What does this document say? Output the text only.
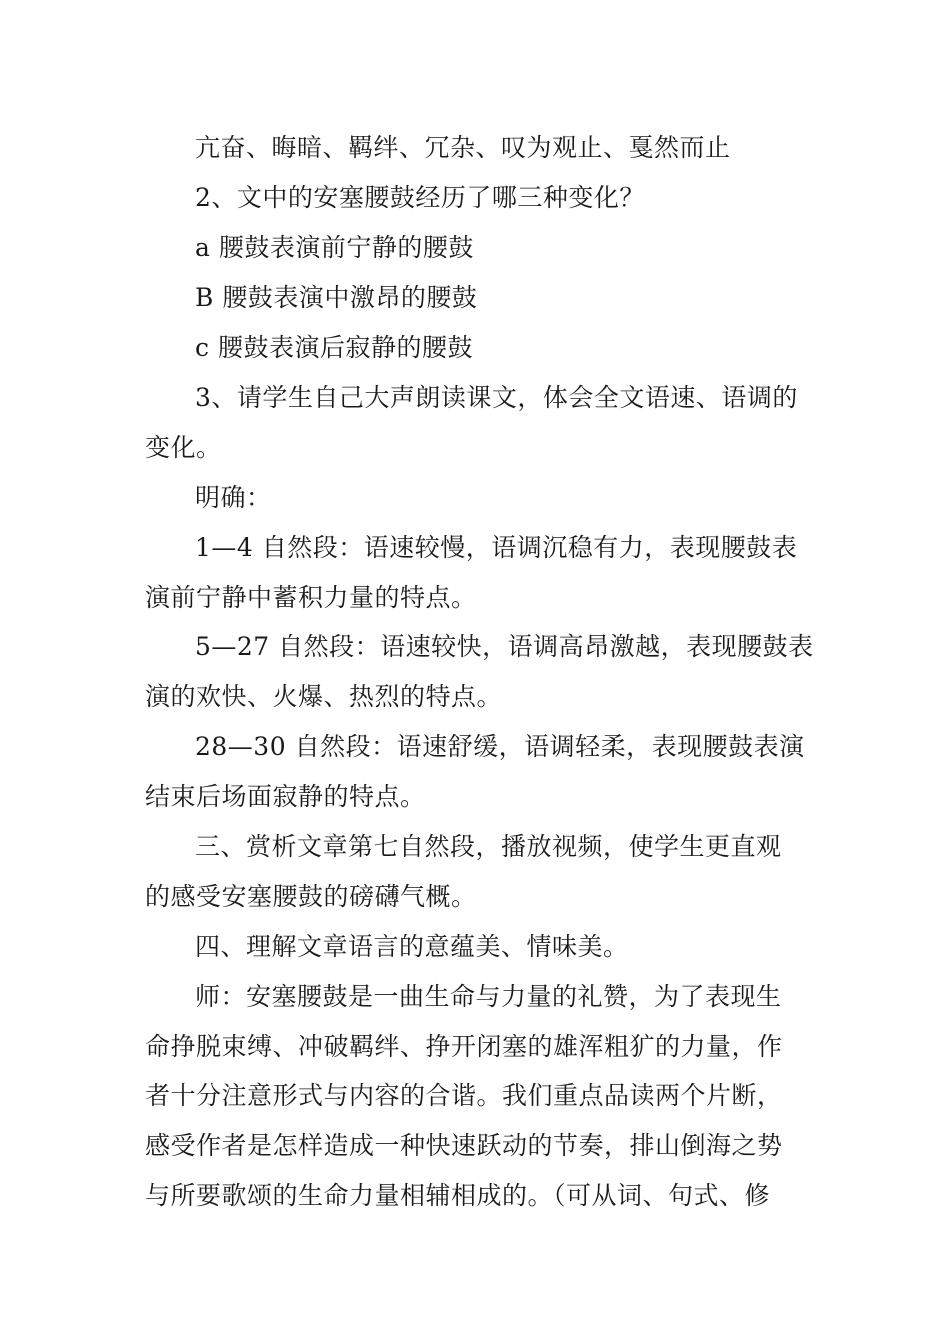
亢奋、晦暗、羁绊、冗杂、叹为观止、戛然而止
2、文中的安塞腰鼓经历了哪三种变化？
a 腰鼓表演前宁静的腰鼓
B 腰鼓表演中激昂的腰鼓
c 腰鼓表演后寂静的腰鼓
3、请学生自己大声朗读课文，体会全文语速、语调的
变化。
明确：
1—4 自然段：语速较慢，语调沉稳有力，表现腰鼓表
演前宁静中蓄积力量的特点。
5—27 自然段：语速较快，语调高昂激越，表现腰鼓表
演的欢快、火爆、热烈的特点。
28—30 自然段：语速舒缓，语调轻柔，表现腰鼓表演
结束后场面寂静的特点。
三、赏析文章第七自然段，播放视频，使学生更直观
的感受安塞腰鼓的磅礴气概。
四、理解文章语言的意蕴美、情味美。
师：安塞腰鼓是一曲生命与力量的礼赞，为了表现生
命挣脱束缚、冲破羁绊、挣开闭塞的雄浑粗犷的力量，作
者十分注意形式与内容的合谐。我们重点品读两个片断，
感受作者是怎样造成一种快速跃动的节奏，排山倒海之势
与所要歌颂的生命力量相辅相成的。（可从词、句式、修
